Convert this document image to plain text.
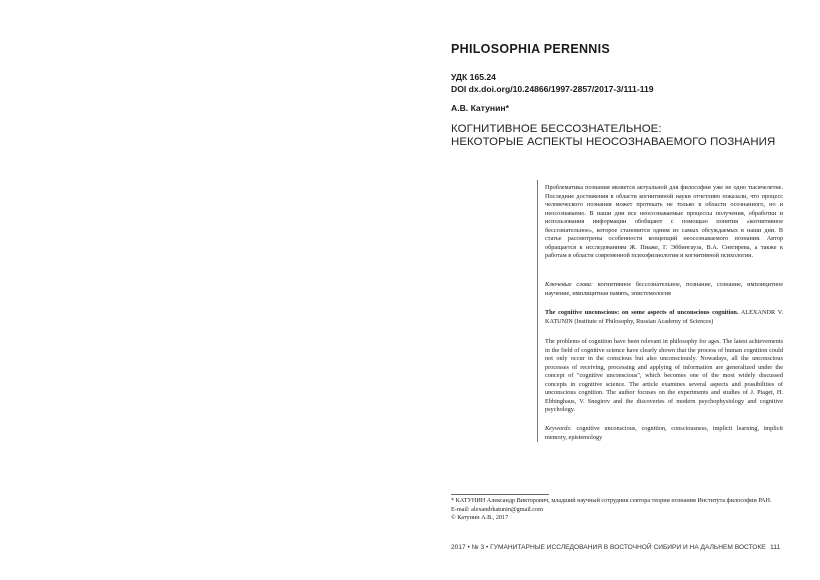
PHILOSOPHIA PERENNIS
УДК 165.24
DOI dx.doi.org/10.24866/1997-2857/2017-3/111-119
А.В. Катунин*
КОГНИТИВНОЕ БЕССОЗНАТЕЛЬНОЕ:
НЕКОТОРЫЕ АСПЕКТЫ НЕОСОЗНАВАЕМОГО ПОЗНАНИЯ

Проблематика познания является актуальной для философии уже не одно тысячелетие. Последние достижения в области когнитивной науки отчетливо показали, что процесс человеческого познания может протекать не только в области осознанного, но и неосознаваемо. В наши дни все неосознаваемые процессы получения, обработки и использования информации обобщают с помощью понятия «когнитивное бессознательное», которое становится одним из самых обсуждаемых в наши дни. В статье рассмотрены особенности концепций неосознаваемого познания. Автор обращается к исследованиям Ж. Пиаже, Г. Эббингауза, В.А. Снегирева, а также к работам в области современной психофизиологии и когнитивной психологии.

Ключевые слова: когнитивное бессознательное, познание, сознание, имплицитное научение, имплицитная память, эпистемология

The cognitive unconscious: on some aspects of unconscious cognition. ALEXANDR V. KATUNIN (Institute of Philosophy, Russian Academy of Sciences)

The problems of cognition have been relevant in philosophy for ages. The latest achievements in the field of cognitive science have clearly shown that the process of human cognition could not only occur in the conscious but also unconsciously. Nowadays, all the unconscious processes of receiving, processing and applying of information are generalized under the concept of "cognitive unconscious", which becomes one of the most widely discussed concepts in cognitive science. The article examines several aspects and possibilities of unconscious cognition. The author focuses on the experiments and studies of J. Piaget, H. Ebbinghaus, V. Snegirev and the discoveries of modern psychophysiology and cognitive psychology.

Keywords: cognitive unconscious, cognition, consciousness, implicit learning, implicit memory, epistemology

* КАТУНИН Александр Викторович, младший научный сотрудник сектора теории познания Института философии РАН.
E-mail: alexandrkatunin@gmail.com
© Катунин А.В., 2017
2017 • № 3 • ГУМАНИТАРНЫЕ ИССЛЕДОВАНИЯ В ВОСТОЧНОЙ СИБИРИ И НА ДАЛЬНЕМ ВОСТОКЕ 111
